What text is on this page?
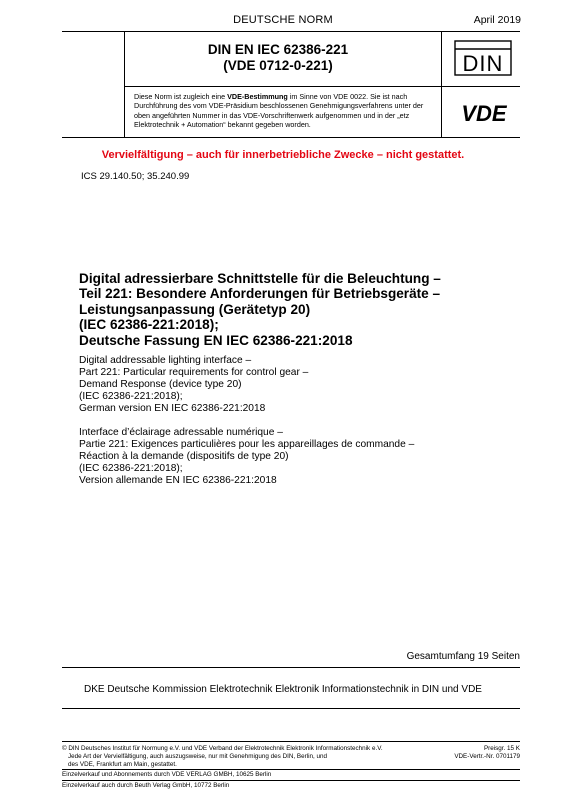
DEUTSCHE NORM	April 2019
DIN EN IEC 62386-221
(VDE 0712-0-221)	DIN
VDE
Diese Norm ist zugleich eine VDE-Bestimmung im Sinne von VDE 0022. Sie ist nach Durchführung des vom VDE-Präsidium beschlossenen Genehmigungsverfahrens unter der oben angeführten Nummer in das VDE-Vorschriftenwerk aufgenommen und in der „etz Elektrotechnik + Automation“ bekannt gegeben worden.
Vervielfältigung – auch für innerbetriebliche Zwecke – nicht gestattet.
ICS 29.140.50; 35.240.99
Digital adressierbare Schnittstelle für die Beleuchtung –
Teil 221: Besondere Anforderungen für Betriebsgeräte –
Leistungsanpassung (Gerätetyp 20)
(IEC 62386-221:2018);
Deutsche Fassung EN IEC 62386-221:2018
Digital addressable lighting interface –
Part 221: Particular requirements for control gear –
Demand Response (device type 20)
(IEC 62386-221:2018);
German version EN IEC 62386-221:2018
Interface d’éclairage adressable numérique –
Partie 221: Exigences particulières pour les appareillages de commande –
Réaction à la demande (dispositifs de type 20)
(IEC 62386-221:2018);
Version allemande EN IEC 62386-221:2018
Gesamtumfang 19 Seiten
DKE Deutsche Kommission Elektrotechnik Elektronik Informationstechnik in DIN und VDE
© DIN Deutsches Institut für Normung e.V. und VDE Verband der Elektrotechnik Elektronik Informationstechnik e.V.
Jede Art der Vervielfältigung, auch auszugsweise, nur mit Genehmigung des DIN, Berlin, und
des VDE, Frankfurt am Main, gestattet.
Einzelverkauf und Abonnements durch VDE VERLAG GMBH, 10625 Berlin
Einzelverkauf auch durch Beuth Verlag GmbH, 10772 Berlin
Preisgr. 15 K
VDE-Vertr.-Nr. 0701179
